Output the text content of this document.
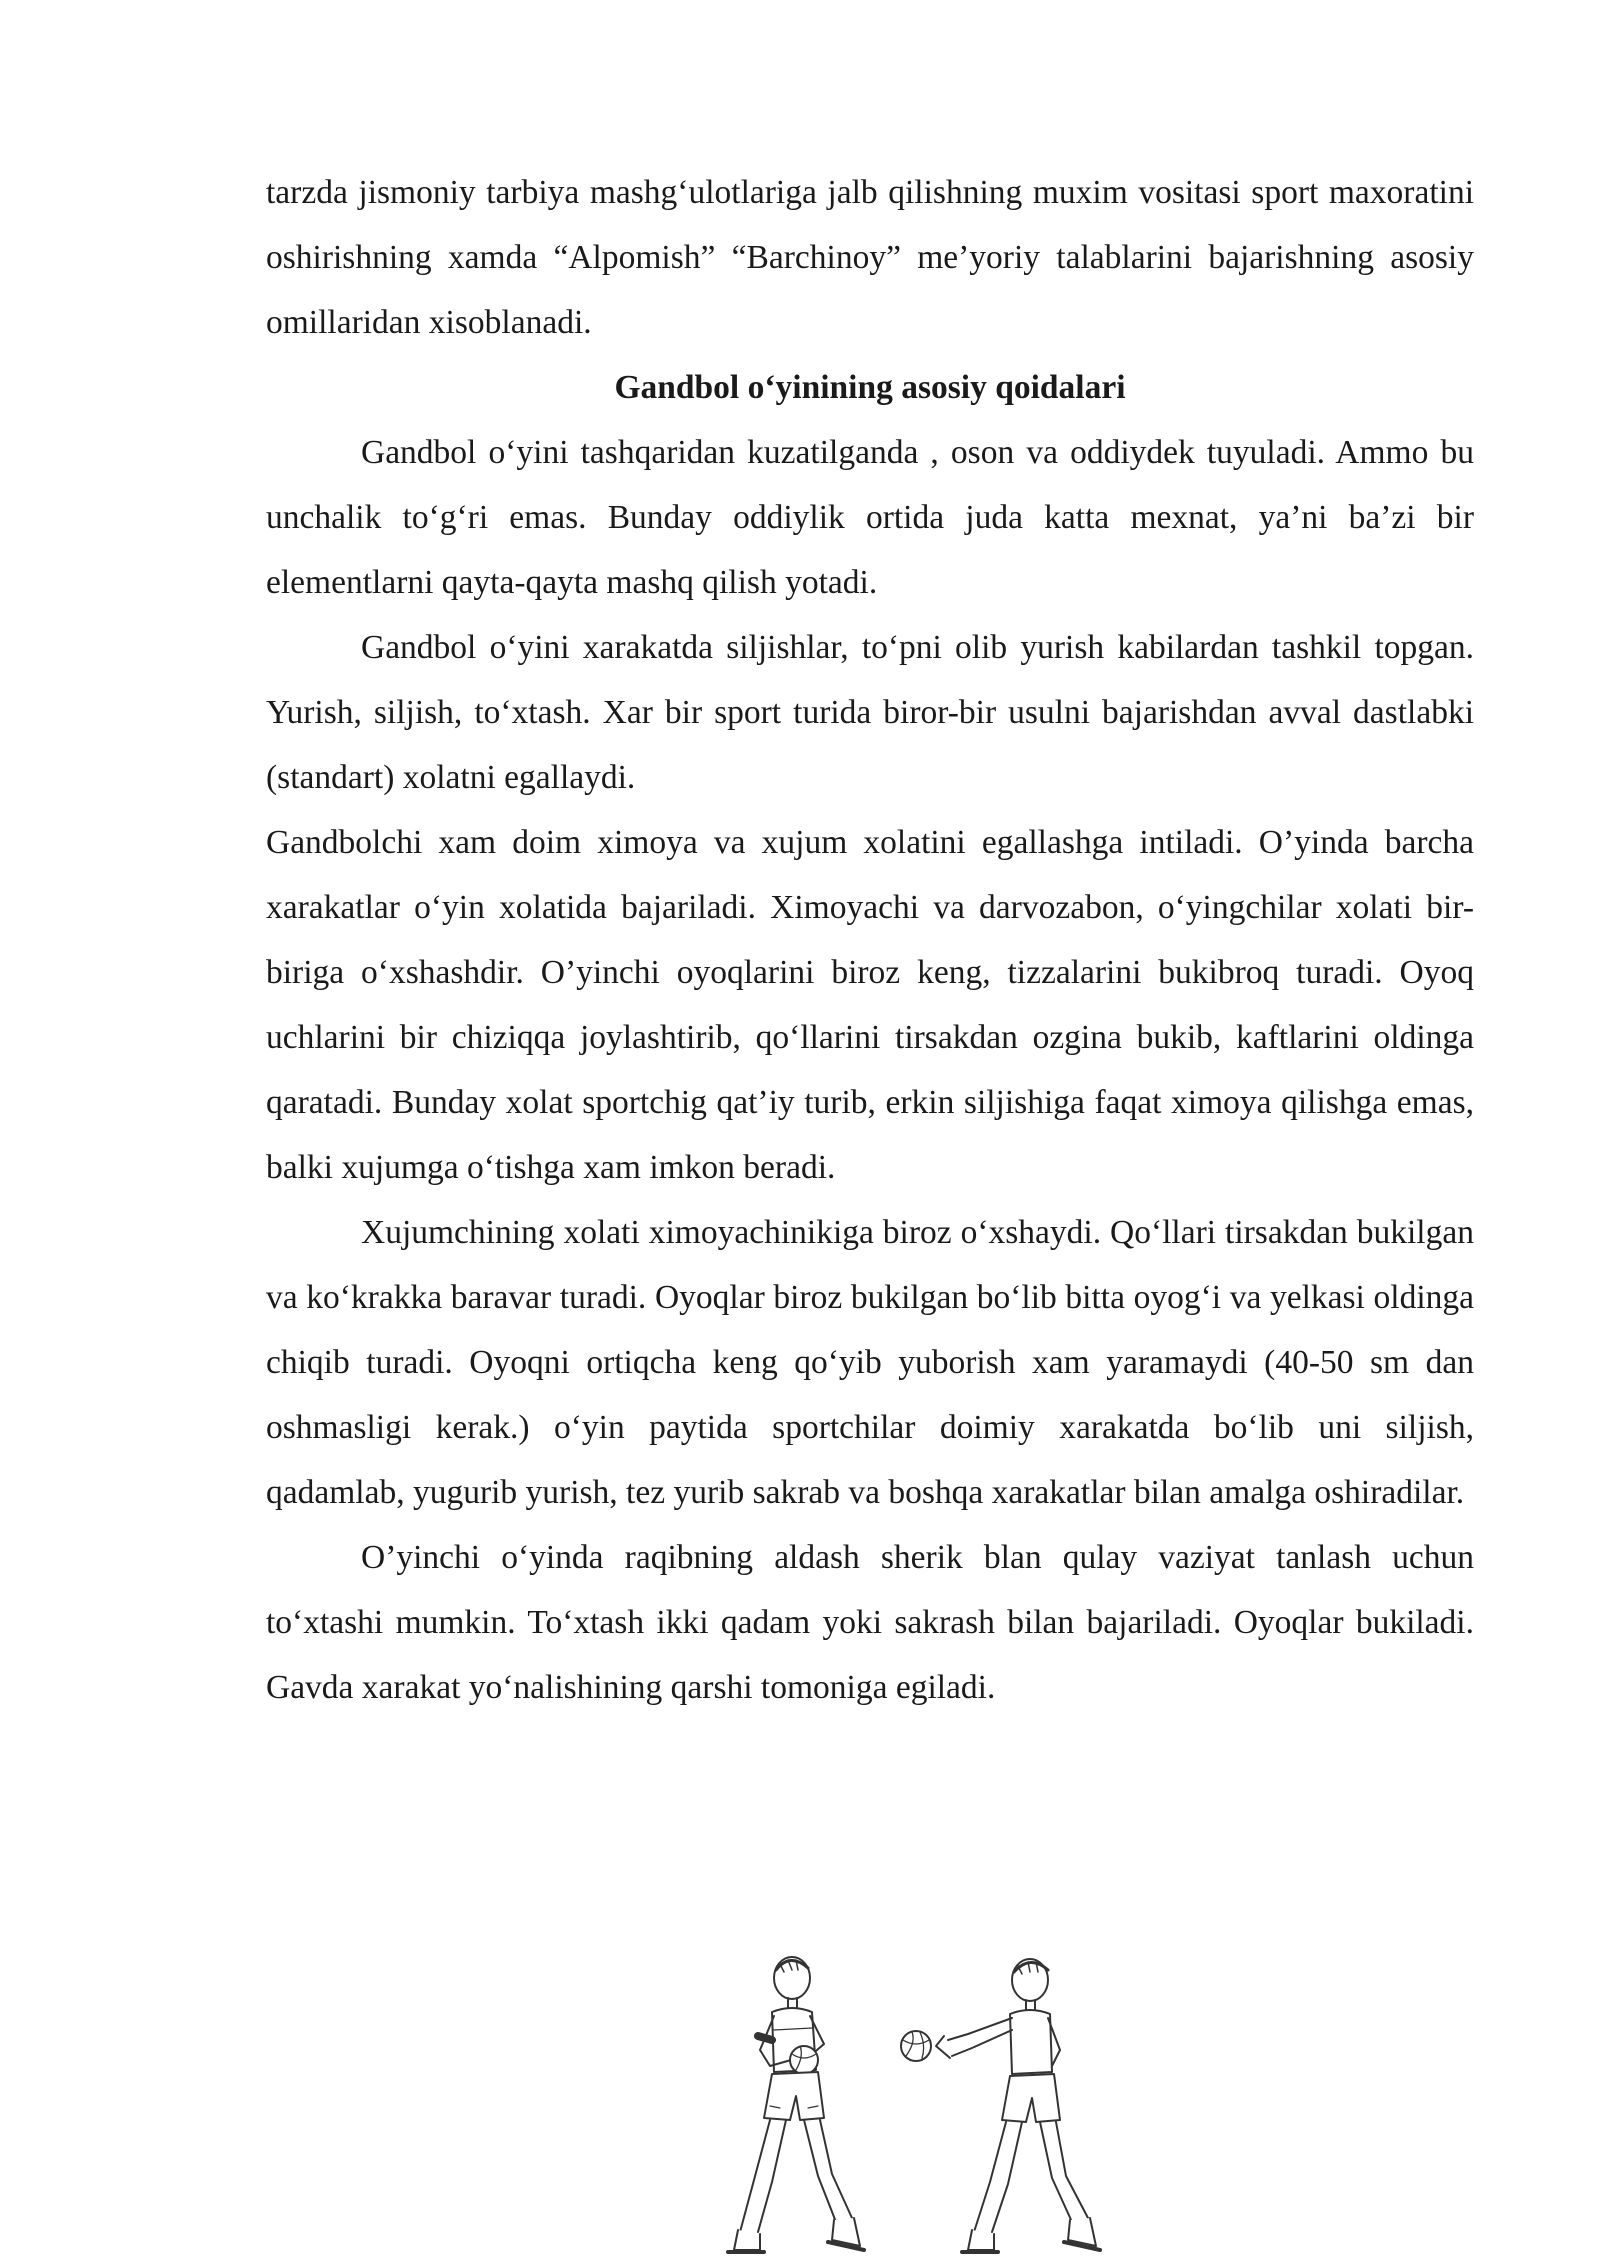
tarzda jismoniy tarbiya mashg‘ulotlariga jalb qilishning muxim vositasi sport maxoratini oshirishning xamda “Alpomish” “Barchinoy” me’yoriy talablarini bajarishning asosiy omillaridan xisoblanadi.

Gandbol o‘yinining asosiy qoidalari

Gandbol o‘yini tashqaridan kuzatilganda , oson va oddiydek tuyuladi. Ammo bu unchalik to‘g‘ri emas. Bunday oddiylik ortida juda katta mexnat, ya’ni ba’zi bir elementlarni qayta-qayta mashq qilish yotadi.

Gandbol o‘yini xarakatda siljishlar, to‘pni olib yurish kabilardan tashkil topgan. Yurish, siljish, to‘xtash. Xar bir sport turida biror-bir usulni bajarishdan avval dastlabki (standart) xolatni egallaydi.

Gandbolchi xam doim ximoya va xujum xolatini egallashga intiladi. O’yinda barcha xarakatlar o‘yin xolatida bajariladi. Ximoyachi va darvozabon, o‘yingchilar xolati bir-biriga o‘xshashdir. O’yinchi oyoqlarini biroz keng, tizzalarini bukibroq turadi. Oyoq uchlarini bir chiziqqa joylashtirib, qo‘llarini tirsakdan ozgina bukib, kaftlarini oldinga qaratadi. Bunday xolat sportchig qat’iy turib, erkin siljishiga faqat ximoya qilishga emas, balki xujumga o‘tishga xam imkon beradi.

Xujumchining xolati ximoyachinikiga biroz o‘xshaydi. Qo‘llari tirsakdan bukilgan va ko‘krakka baravar turadi. Oyoqlar biroz bukilgan bo‘lib bitta oyog‘i va yelkasi oldinga chiqib turadi. Oyoqni ortiqcha keng qo‘yib yuborish xam yaramaydi (40-50 sm dan oshmasligi kerak.) o‘yin paytida sportchilar doimiy xarakatda bo‘lib uni siljish, qadamlab, yugurib yurish, tez yurib sakrab va boshqa xarakatlar bilan amalga oshiradilar.

O’yinchi o‘yinda raqibning aldash sherik blan qulay vaziyat tanlash uchun to‘xtashi mumkin. To‘xtash ikki qadam yoki sakrash bilan bajariladi. Oyoqlar bukiladi. Gavda xarakat yo‘nalishining qarshi tomoniga egiladi.
